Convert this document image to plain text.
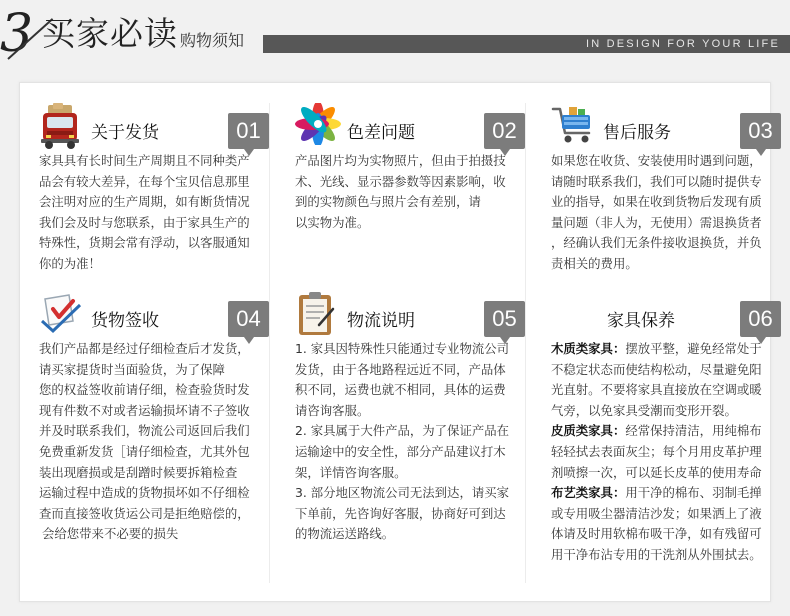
3 买家必读 购物须知	IN DESIGN FOR YOUR LIFE
关于发货	01

家具具有长时间生产周期且不同种类产

品会有较大差异，在每个宝贝信息那里

会注明对应的生产周期，如有断货情况

我们会及时与您联系，由于家具生产的

特殊性，货期会常有浮动，以客服通知

你的为准！

色差问题	02

产品图片均为实物照片，但由于拍摄技

术、光线、显示器参数等因素影响，收

到的实物颜色与照片会有差别，请

以实物为准。

售后服务	03

如果您在收货、安装使用时遇到问题，

请随时联系我们，我们可以随时提供专

业的指导，如果在收到货物后发现有质

量问题（非人为，无使用）需退换货者

，经确认我们无条件接收退换货，并负

责相关的费用。

货物签收	04

我们产品都是经过仔细检查后才发货，

请买家提货时当面验货，为了保障

您的权益签收前请仔细，检查验货时发

现有件数不对或者运输损坏请不子签收

并及时联系我们，物流公司返回后我们

免费重新发货［请仔细检查，尤其外包

装出现磨损或是刮蹭时候要拆箱检查

运输过程中造成的货物损坏如不仔细检

查而直接签收货运公司是拒绝赔偿的，

会给您带来不必要的损失

物流说明	05

1. 家具因特殊性只能通过专业物流公司

发货，由于各地路程远近不同，产品体

积不同，运费也就不相同，具体的运费

请咨询客服。

2. 家具属于大件产品，为了保证产品在

运输途中的安全性，部分产品建议打木

架，详情咨询客服。

3. 部分地区物流公司无法到达，请买家

下单前，先咨询好客服，协商好可到达

的物流运送路线。

家具保养	06

木质类家具：摆放平整，避免经常处于

不稳定状态而使结构松动，尽量避免阳

光直射。不要将家具直接放在空调或暖

气旁，以免家具受潮而变形开裂。

皮质类家具：经常保持清洁，用纯棉布

轻轻拭去表面灰尘；每个月用皮革护理

剂喷擦一次，可以延长皮革的使用寿命

布艺类家具：用干净的棉布、羽制毛掸

或专用吸尘器清洁沙发；如果洒上了液

体请及时用软棉布吸干净，如有残留可

用干净布沾专用的干洗剂从外围拭去。
